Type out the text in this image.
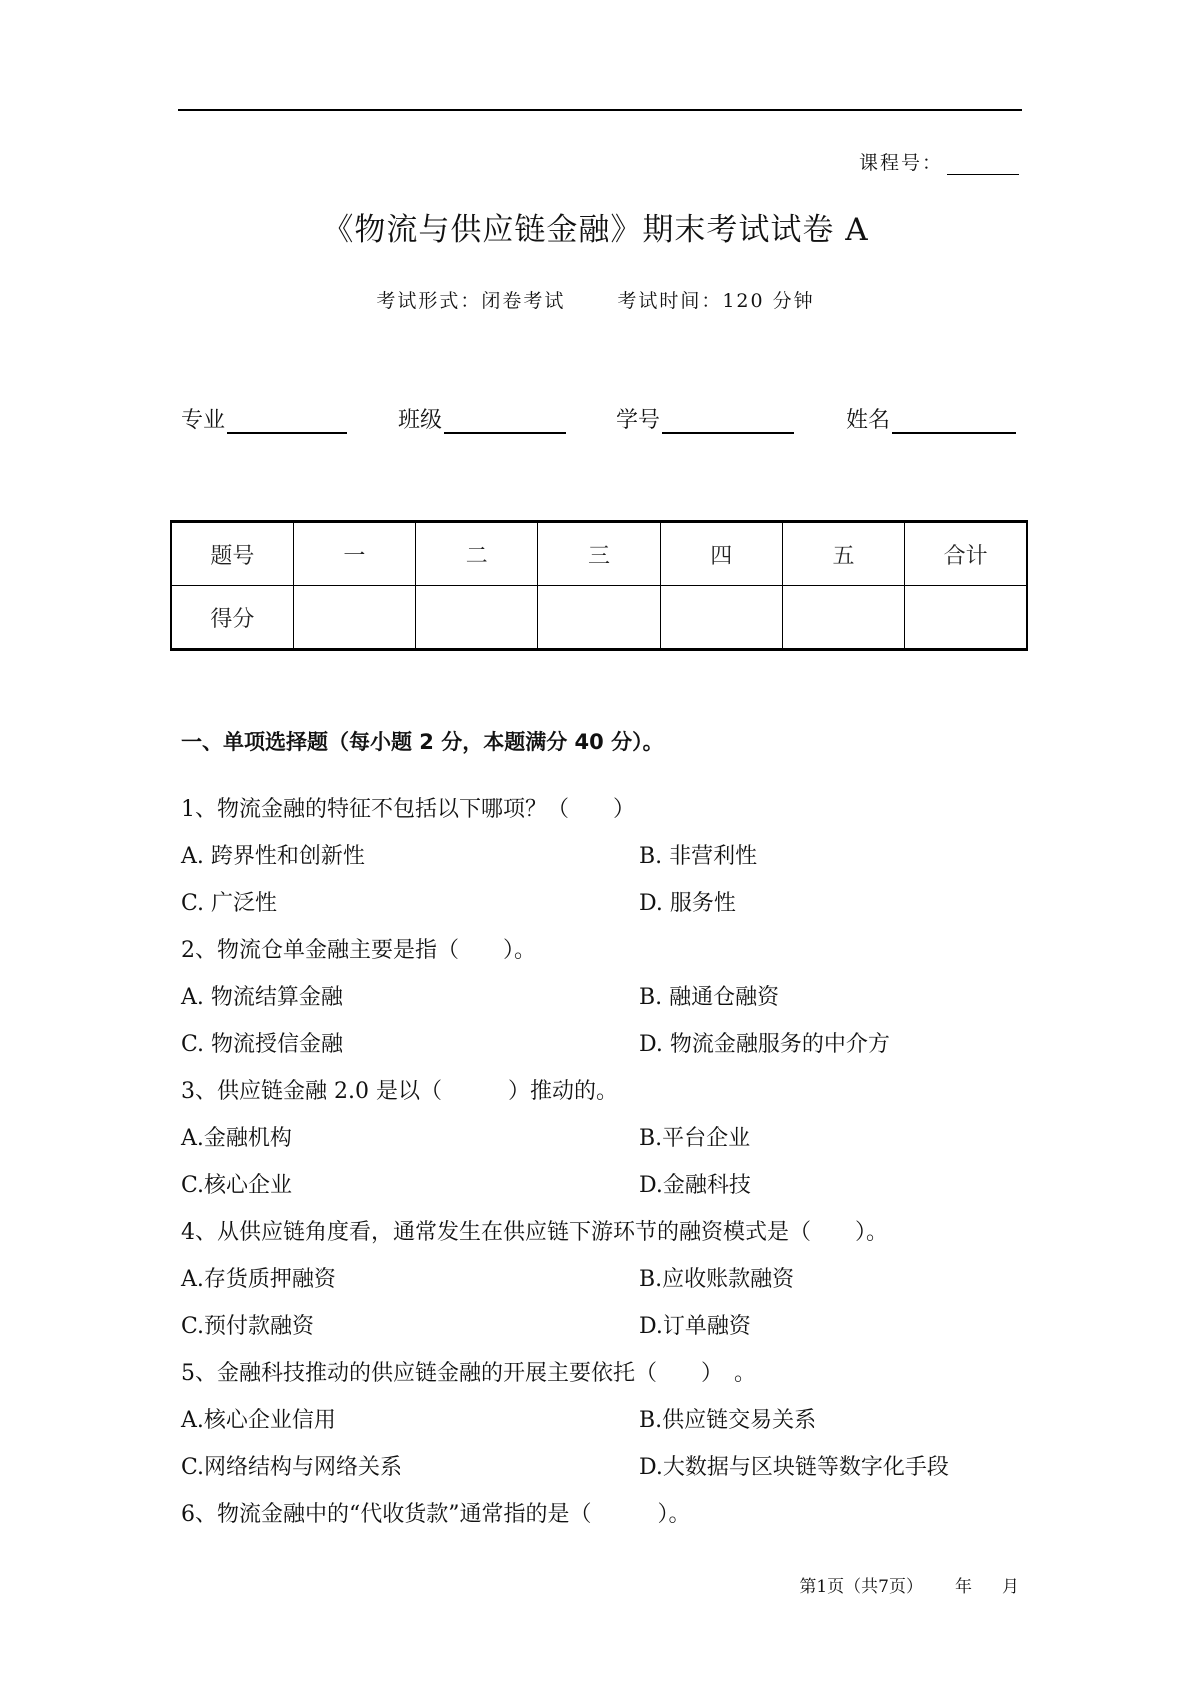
课程号：
《物流与供应链金融》期末考试试卷 A
考试形式：闭卷考试	考试时间：120 分钟
专业	班级	学号	姓名
题号	一	二	三	四	五	合计
得分						
一、单项选择题（每小题 2 分，本题满分 40 分）。
1、物流金融的特征不包括以下哪项？（　　）
A. 跨界性和创新性	B. 非营利性
C. 广泛性	D. 服务性
2、物流仓单金融主要是指（　　）。
A. 物流结算金融	B. 融通仓融资
C. 物流授信金融	D. 物流金融服务的中介方
3、供应链金融 2.0 是以（　　　）推动的。
A.金融机构	B.平台企业
C.核心企业	D.金融科技
4、从供应链角度看，通常发生在供应链下游环节的融资模式是（　　）。
A.存货质押融资	B.应收账款融资
C.预付款融资	D.订单融资
5、金融科技推动的供应链金融的开展主要依托（　　）　。
A.核心企业信用	B.供应链交易关系
C.网络结构与网络关系	D.大数据与区块链等数字化手段
6、物流金融中的“代收货款”通常指的是（　　　）。
第1页（共7页） 年 月
